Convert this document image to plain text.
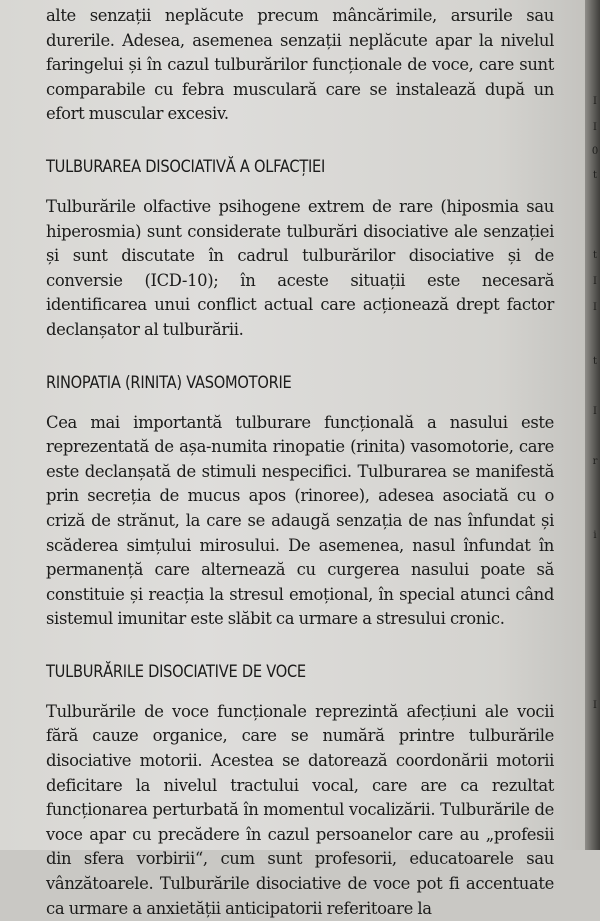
alte senzații neplăcute precum mâncărimile, arsurile sau durerile. Adesea, asemenea senzații neplăcute apar la nivelul faringelui și în cazul tulburărilor funcționale de voce, care sunt comparabile cu febra musculară care se instalează după un efort muscular excesiv.

TULBURAREA DISOCIATIVĂ A OLFACȚIEI

Tulburările olfactive psihogene extrem de rare (hiposmia sau hiperosmia) sunt considerate tulburări disociative ale senzației și sunt discutate în cadrul tulburărilor disociative și de conversie (ICD-10); în aceste situații este necesară identificarea unui conflict actual care acționează drept factor declanșator al tulburării.

RINOPATIA (RINITA) VASOMOTORIE

Cea mai importantă tulburare funcțională a nasului este reprezentată de așa-numita rinopatie (rinita) vasomotorie, care este declanșată de stimuli nespecifici. Tulburarea se manifestă prin secreția de mucus apos (rinoree), adesea asociată cu o criză de strănut, la care se adaugă senzația de nas înfundat și scăderea simțului mirosului. De asemenea, nasul înfundat în permanență care alternează cu curgerea nasului poate să constituie și reacția la stresul emoțional, în special atunci când sistemul imunitar este slăbit ca urmare a stresului cronic.

TULBURĂRILE DISOCIATIVE DE VOCE

Tulburările de voce funcționale reprezintă afecțiuni ale vocii fără cauze organice, care se numără printre tulburările disociative motorii. Acestea se datorează coordonării motorii deficitare la nivelul tractului vocal, care are ca rezultat funcționarea perturbată în momentul vocalizării. Tulburările de voce apar cu precădere în cazul persoanelor care au „profesii din sfera vorbirii“, cum sunt profesorii, educatoarele sau vânzătoarele. Tulburările disociative de voce pot fi accentuate ca urmare a anxietății anticipatorii referitoare la

I
I
0
t
t
I
I
t
I
r
i
I
